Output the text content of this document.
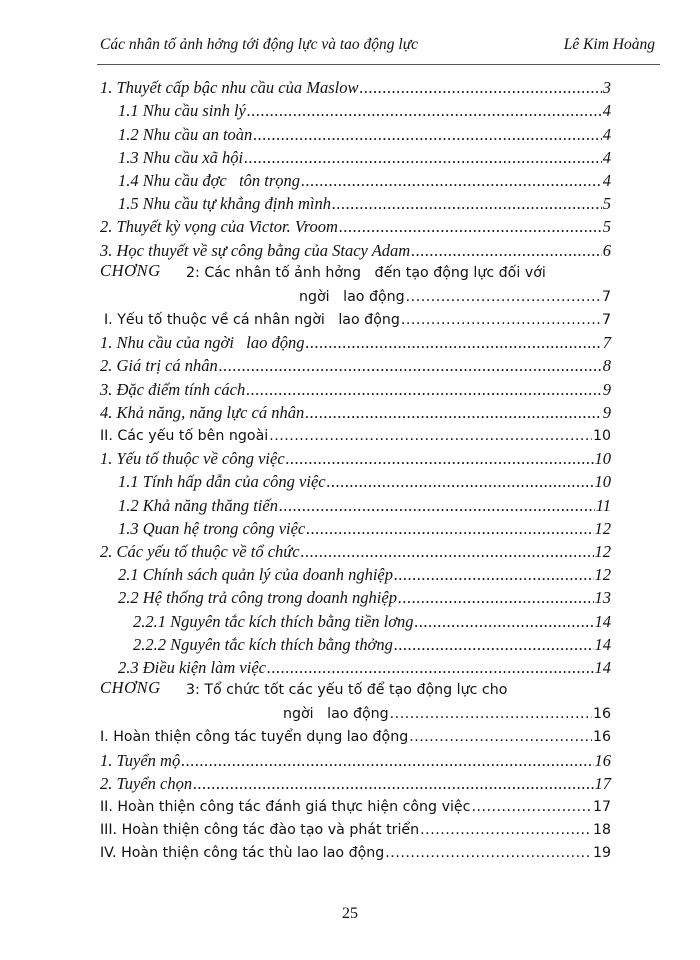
Các nhân tố ảnh hởng tới động lực và tao động lực	Lê Kim Hoàng
1. Thuyết cấp bậc nhu cầu của Maslow .....	3
1.1 Nhu cầu sinh lý .....	4
1.2 Nhu cầu an toàn .....	4
1.3 Nhu cầu xã hội .....	4
1.4 Nhu cầu đợc   tôn trọng .....	4
1.5 Nhu cầu tự khẳng định mình .....	5
2. Thuyết kỳ vọng của Victor. Vroom .....	5
3. Học thuyết về sự công bằng của Stacy Adam .....	6
CHƠNG 2: Các nhân tố ảnh hởng   đến tạo động lực đối với
ngời   lao động .....	7
I. Yếu tố thuộc về cá nhân ngời   lao động .....	7
1. Nhu cầu của ngời   lao động .....	7
2. Giá trị cá nhân .....	8
3. Đặc điểm tính cách .....	9
4. Khả năng, năng lực cá nhân .....	9
II. Các yếu tố bên ngoài .....	10
1. Yếu tố thuộc về công việc .....	10
1.1 Tính hấp dẫn của công việc .....	10
1.2 Khả năng thăng tiến .....	11
1.3 Quan hệ trong công việc .....	12
2. Các yếu tố thuộc về tổ chức .....	12
2.1 Chính sách quản lý của doanh nghiệp .....	12
2.2 Hệ thống trả công trong doanh nghiệp .....	13
2.2.1 Nguyên tắc kích thích bằng tiền lơng .....	14
2.2.2 Nguyên tắc kích thích bằng thởng .....	14
2.3 Điều kiện làm việc .....	14
CHƠNG 3: Tổ chức tốt các yếu tố để tạo động lực cho
ngời   lao động .....	16
I. Hoàn thiện công tác tuyển dụng lao động .....	16
1. Tuyển mộ .....	16
2. Tuyển chọn .....	17
II. Hoàn thiện công tác đánh giá thực hiện công việc .....	17
III. Hoàn thiện công tác đào tạo và phát triển .....	18
IV. Hoàn thiện công tác thù lao lao động .....	19
25
